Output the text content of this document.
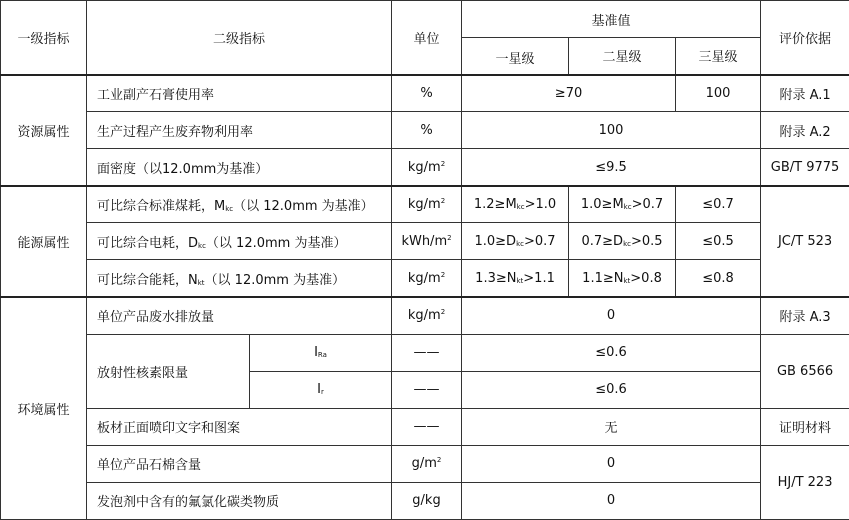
一级指标	二级指标		单位	基准值			评价依据
				一星级	二星级	三星级	
资源属性	工业副产石膏使用率		%	≥70		100	附录 A.1
	生产过程产生废弃物利用率		%	100			附录 A.2
	面密度（以12.0mm为基准）		$kg/m^2$	≤9.5			GB/T 9775
能源属性	可比综合标准煤耗，$M_{kc}$（以 12.0mm 为基准）		$kg/m^2$	$1.2\ge M_{kc}>1.0$	$1.0\ge M_{kc}>0.7$	≤0.7	JC/T 523
	可比综合电耗，$D_{kc}$（以 12.0mm 为基准）		kWh/$m^2$	$1.0\ge D_{kc}>0.7$	$0.7\ge D_{kc}>0.5$	≤0.5	
	可比综合能耗，$N_{kt}$（以 12.0mm 为基准）		$kg/m^2$	$1.3\ge N_{kt}>1.1$	$1.1\ge N_{kt}>0.8$	≤0.8	
环境属性	单位产品废水排放量		$kg/m^2$	0			附录 A.3
	放射性核素限量	$I_{Ra}$	——	≤0.6			GB 6566
		$I_r$	——	≤0.6			
	板材正面喷印文字和图案		——	无			证明材料
	单位产品石棉含量		$g/m^2$	0			HJ/T 223
	发泡剂中含有的氟氯化碳类物质		g/kg	0			
